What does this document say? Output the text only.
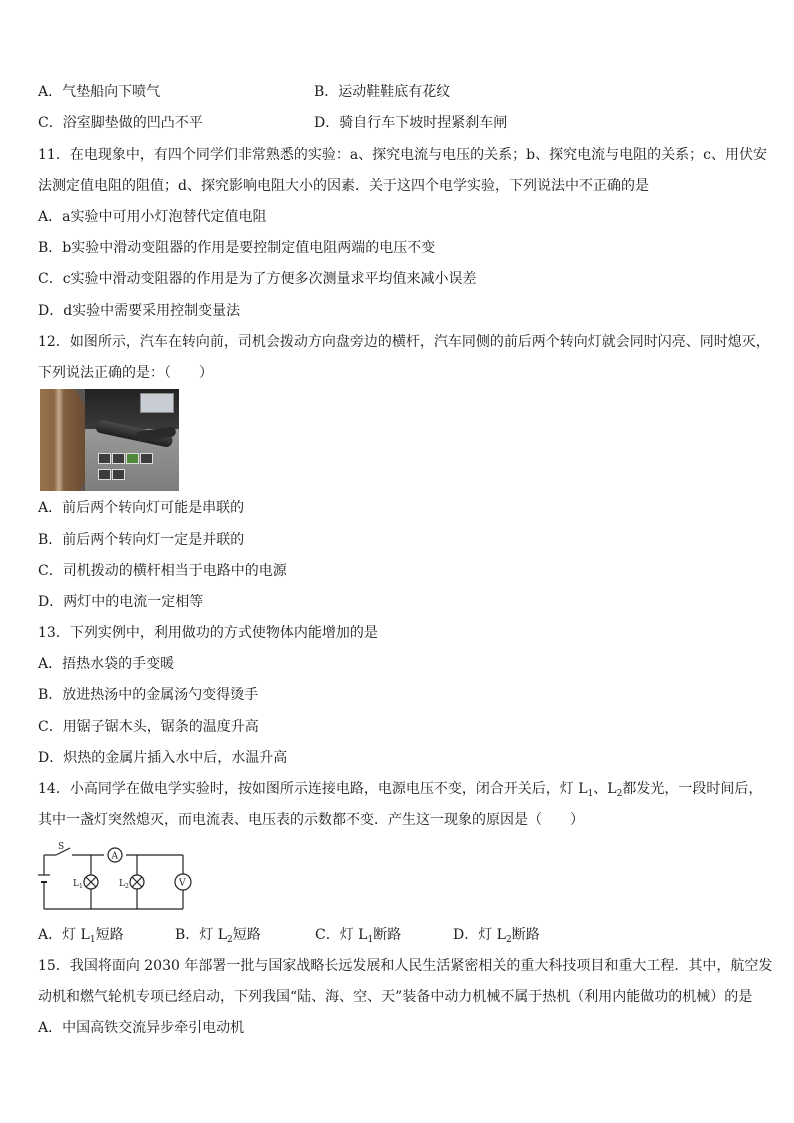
A．气垫船向下喷气	B．运动鞋鞋底有花纹
C．浴室脚垫做的凹凸不平	D．骑自行车下坡时捏紧刹车闸
11．在电现象中，有四个同学们非常熟悉的实验：a、探究电流与电压的关系；b、探究电流与电阻的关系；c、用伏安
法测定值电阻的阻值；d、探究影响电阻大小的因素．关于这四个电学实验，下列说法中不正确的是
A．a实验中可用小灯泡替代定值电阻
B．b实验中滑动变阻器的作用是要控制定值电阻两端的电压不变
C．c实验中滑动变阻器的作用是为了方便多次测量求平均值来减小误差
D．d实验中需要采用控制变量法
12．如图所示，汽车在转向前，司机会拨动方向盘旁边的横杆，汽车同侧的前后两个转向灯就会同时闪亮、同时熄灭，
下列说法正确的是：（　　）
A．前后两个转向灯可能是串联的
B．前后两个转向灯一定是并联的
C．司机拨动的横杆相当于电路中的电源
D．两灯中的电流一定相等
13．下列实例中，利用做功的方式使物体内能增加的是
A．捂热水袋的手变暖
B．放进热汤中的金属汤勺变得烫手
C．用锯子锯木头，锯条的温度升高
D．炽热的金属片插入水中后，水温升高
14．小高同学在做电学实验时，按如图所示连接电路，电源电压不变，闭合开关后，灯 $L_1$、$L_2$都发光，一段时间后，
其中一盏灯突然熄灭，而电流表、电压表的示数都不变．产生这一现象的原因是（　　）
S
A
V
$L_1$	$L_2$
A．灯 $L_1$短路	B．灯 $L_2$短路	C．灯 $L_1$断路	D．灯 $L_2$断路
15．我国将面向 2030 年部署一批与国家战略长远发展和人民生活紧密相关的重大科技项目和重大工程．其中，航空发
动机和燃气轮机专项已经启动，下列我国“陆、海、空、天”装备中动力机械不属于热机（利用内能做功的机械）的是
A．中国高铁交流异步牵引电动机
